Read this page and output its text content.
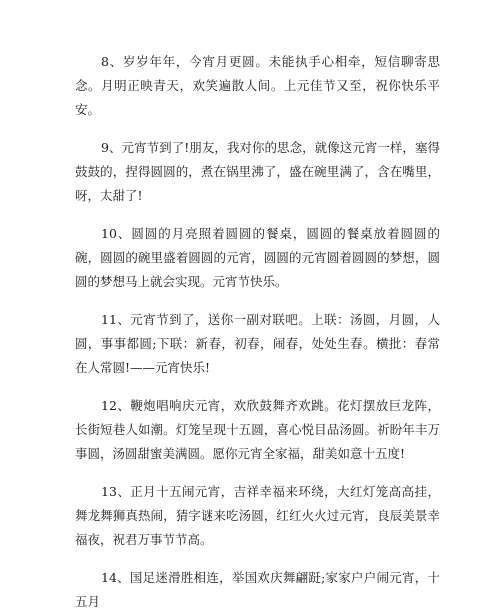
8、岁岁年年，今宵月更圆。未能执手心相牵，短信聊寄思念。月明正映青天，欢笑遍散人间。上元佳节又至，祝你快乐平安。

9、元宵节到了!朋友，我对你的思念，就像这元宵一样，塞得鼓鼓的，捏得圆圆的，煮在锅里沸了，盛在碗里满了，含在嘴里，呀，太甜了!

10、圆圆的月亮照着圆圆的餐桌，圆圆的餐桌放着圆圆的碗，圆圆的碗里盛着圆圆的元宵，圆圆的元宵圆着圆圆的梦想，圆圆的梦想马上就会实现。元宵节快乐。

11、元宵节到了，送你一副对联吧。上联：汤圆，月圆，人圆，事事都圆;下联：新春，初春，闹春，处处生春。横批：春常在人常圆!——元宵快乐!

12、鞭炮唱响庆元宵，欢欣鼓舞齐欢跳。花灯摆放巨龙阵，长街短巷人如潮。灯笼呈现十五圆，喜心悦目品汤圆。祈盼年丰万事圆，汤圆甜蜜美满圆。愿你元宵全家福，甜美如意十五度!

13、正月十五闹元宵，吉祥幸福来环绕，大红灯笼高高挂，舞龙舞狮真热闹，猜字谜来吃汤圆，红红火火过元宵，良辰美景幸福夜，祝君万事节节高。

14、国足迷滑胜相连，举国欢庆舞翩跹;家家户户闹元宵，十五月
